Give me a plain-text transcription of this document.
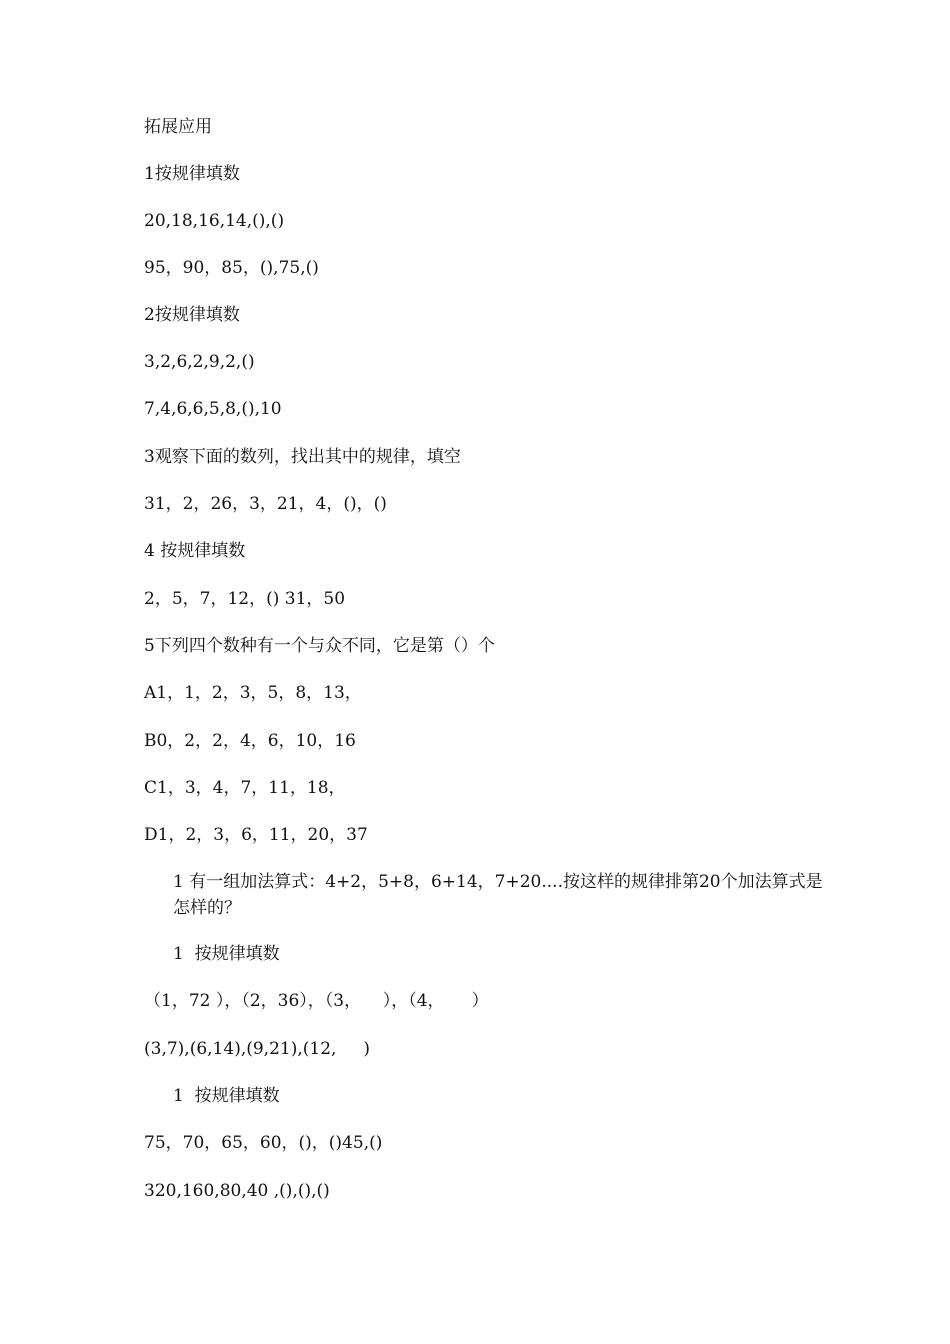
拓展应用

1按规律填数

20,18,16,14,(),()

95，90，85，(),75,()

2按规律填数

3,2,6,2,9,2,()

7,4,6,6,5,8,(),10

3观察下面的数列，找出其中的规律，填空

31，2，26，3，21，4，()，()

4 按规律填数

2，5，7，12，() 31，50

5下列四个数种有一个与众不同，它是第（）个

A1，1，2，3，5，8，13，

B0，2，2，4，6，10，16

C1，3，4，7，11，18，

D1，2，3，6，11，20，37

1 有一组加法算式：4+2，5+8，6+14，7+20....按这样的规律排第20个加法算式是怎样的？

1  按规律填数

（1，72 ），（2，36），（3，    ），（4，     ）

(3,7),(6,14),(9,21),(12,     )

1  按规律填数

75，70，65，60，()，()45,()

320,160,80,40 ,(),(),()
